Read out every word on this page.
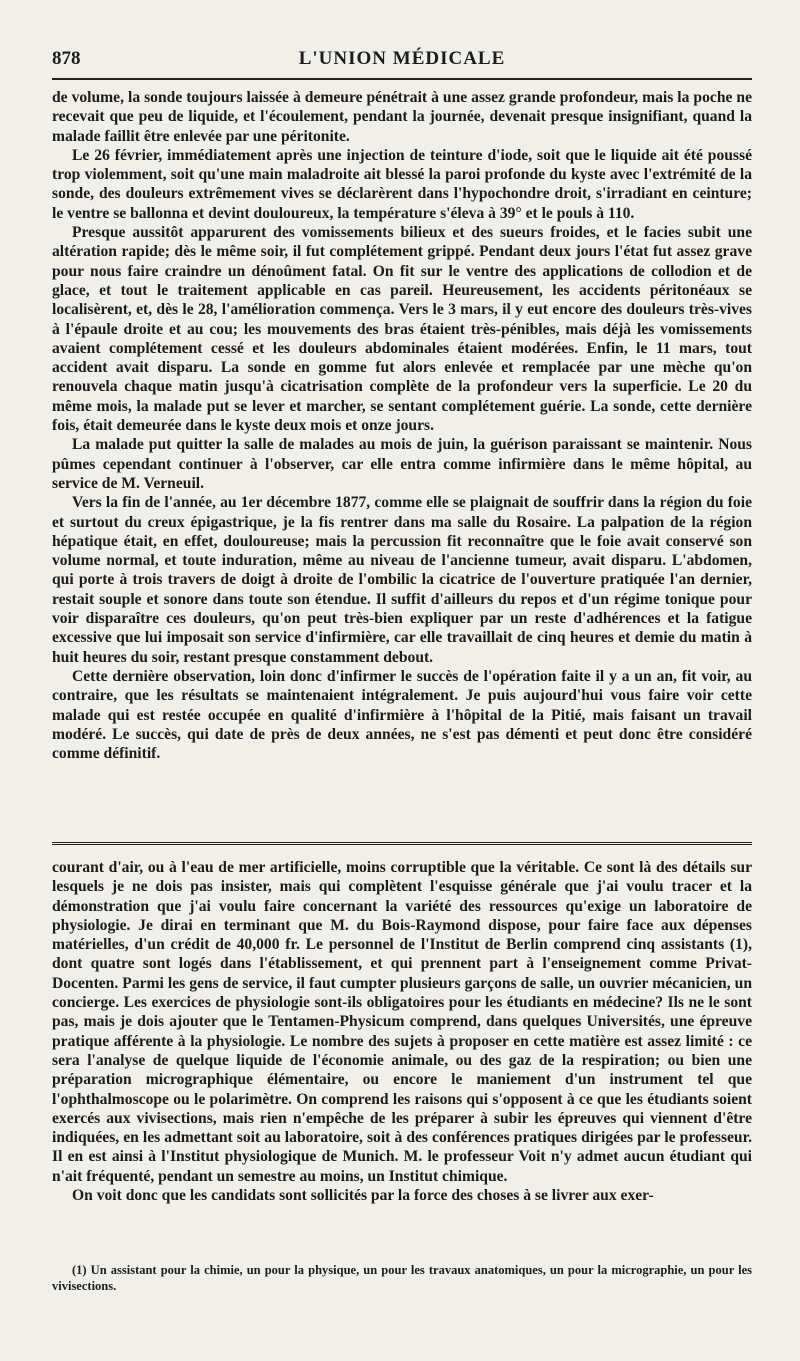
878	L'UNION MÉDICALE

de volume, la sonde toujours laissée à demeure pénétrait à une assez grande profondeur, mais la poche ne recevait que peu de liquide, et l'écoulement, pendant la journée, devenait presque insignifiant, quand la malade faillit être enlevée par une péritonite.

Le 26 février, immédiatement après une injection de teinture d'iode, soit que le liquide ait été poussé trop violemment, soit qu'une main maladroite ait blessé la paroi profonde du kyste avec l'extrémité de la sonde, des douleurs extrêmement vives se déclarèrent dans l'hypochondre droit, s'irradiant en ceinture; le ventre se ballonna et devint douloureux, la température s'éleva à 39° et le pouls à 110.

Presque aussitôt apparurent des vomissements bilieux et des sueurs froides, et le facies subit une altération rapide; dès le même soir, il fut complétement grippé. Pendant deux jours l'état fut assez grave pour nous faire craindre un dénoûment fatal. On fit sur le ventre des applications de collodion et de glace, et tout le traitement applicable en cas pareil. Heureusement, les accidents péritonéaux se localisèrent, et, dès le 28, l'amélioration commença. Vers le 3 mars, il y eut encore des douleurs très-vives à l'épaule droite et au cou; les mouvements des bras étaient très-pénibles, mais déjà les vomissements avaient complétement cessé et les douleurs abdominales étaient modérées. Enfin, le 11 mars, tout accident avait disparu. La sonde en gomme fut alors enlevée et remplacée par une mèche qu'on renouvela chaque matin jusqu'à cicatrisation complète de la profondeur vers la superficie. Le 20 du même mois, la malade put se lever et marcher, se sentant complétement guérie. La sonde, cette dernière fois, était demeurée dans le kyste deux mois et onze jours.

La malade put quitter la salle de malades au mois de juin, la guérison paraissant se maintenir. Nous pûmes cependant continuer à l'observer, car elle entra comme infirmière dans le même hôpital, au service de M. Verneuil.

Vers la fin de l'année, au 1er décembre 1877, comme elle se plaignait de souffrir dans la région du foie et surtout du creux épigastrique, je la fis rentrer dans ma salle du Rosaire. La palpation de la région hépatique était, en effet, douloureuse; mais la percussion fit reconnaître que le foie avait conservé son volume normal, et toute induration, même au niveau de l'ancienne tumeur, avait disparu. L'abdomen, qui porte à trois travers de doigt à droite de l'ombilic la cicatrice de l'ouverture pratiquée l'an dernier, restait souple et sonore dans toute son étendue. Il suffit d'ailleurs du repos et d'un régime tonique pour voir disparaître ces douleurs, qu'on peut très-bien expliquer par un reste d'adhérences et la fatigue excessive que lui imposait son service d'infirmière, car elle travaillait de cinq heures et demie du matin à huit heures du soir, restant presque constamment debout.

Cette dernière observation, loin donc d'infirmer le succès de l'opération faite il y a un an, fit voir, au contraire, que les résultats se maintenaient intégralement. Je puis aujourd'hui vous faire voir cette malade qui est restée occupée en qualité d'infirmière à l'hôpital de la Pitié, mais faisant un travail modéré. Le succès, qui date de près de deux années, ne s'est pas démenti et peut donc être considéré comme définitif.

courant d'air, ou à l'eau de mer artificielle, moins corruptible que la véritable. Ce sont là des détails sur lesquels je ne dois pas insister, mais qui complètent l'esquisse générale que j'ai voulu tracer et la démonstration que j'ai voulu faire concernant la variété des ressources qu'exige un laboratoire de physiologie. Je dirai en terminant que M. du Bois-Raymond dispose, pour faire face aux dépenses matérielles, d'un crédit de 40,000 fr. Le personnel de l'Institut de Berlin comprend cinq assistants (1), dont quatre sont logés dans l'établissement, et qui prennent part à l'enseignement comme Privat-Docenten. Parmi les gens de service, il faut cumpter plusieurs garçons de salle, un ouvrier mécanicien, un concierge. Les exercices de physiologie sont-ils obligatoires pour les étudiants en médecine? Ils ne le sont pas, mais je dois ajouter que le Tentamen-Physicum comprend, dans quelques Universités, une épreuve pratique afférente à la physiologie. Le nombre des sujets à proposer en cette matière est assez limité : ce sera l'analyse de quelque liquide de l'économie animale, ou des gaz de la respiration; ou bien une préparation micrographique élémentaire, ou encore le maniement d'un instrument tel que l'ophthalmoscope ou le polarimètre. On comprend les raisons qui s'opposent à ce que les étudiants soient exercés aux vivisections, mais rien n'empêche de les préparer à subir les épreuves qui viennent d'être indiquées, en les admettant soit au laboratoire, soit à des conférences pratiques dirigées par le professeur. Il en est ainsi à l'Institut physiologique de Munich. M. le professeur Voit n'y admet aucun étudiant qui n'ait fréquenté, pendant un semestre au moins, un Institut chimique.

On voit donc que les candidats sont sollicités par la force des choses à se livrer aux exer-

(1) Un assistant pour la chimie, un pour la physique, un pour les travaux anatomiques, un pour la micrographie, un pour les vivisections.
